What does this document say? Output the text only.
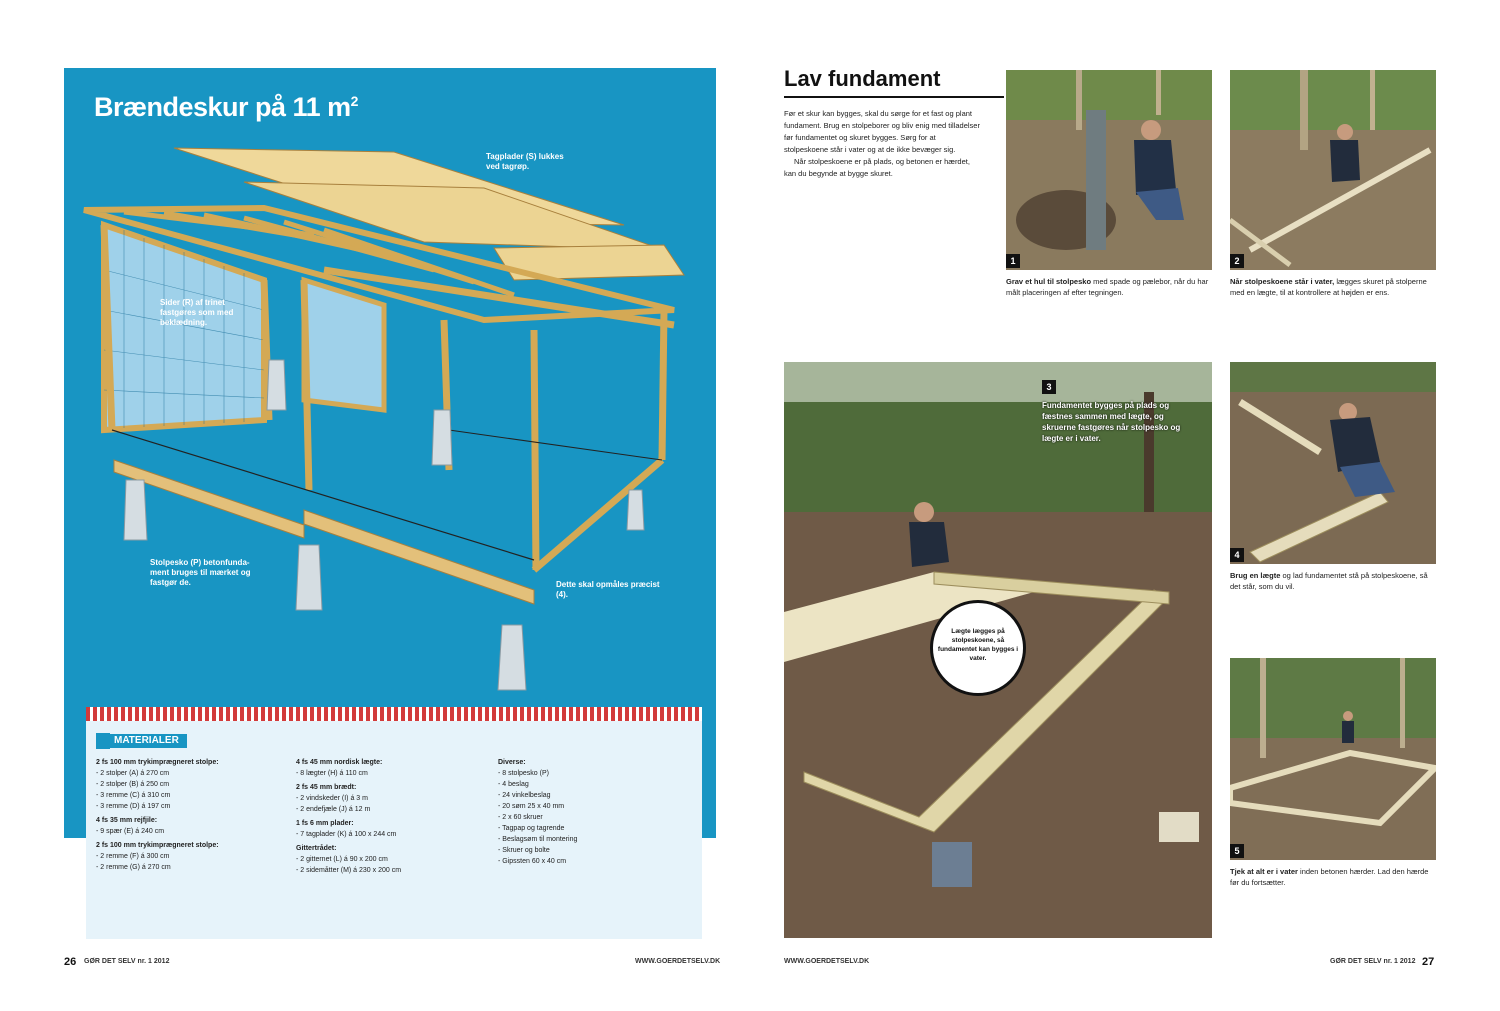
Brændeskur på 11 $m^2$
Tagplader (S) lukkes ved tagrøp.
Sider (R) af trinet fastgøres som med beklædning.
Stolpesko (P) betonfunda- ment bruges til mærket og fastgør de.	Dette skal opmåles præcist (4).
MATERIALER
2 fs 100 mm trykimprægneret stolpe:
- 2 stolper (A) á 270 cm
- 2 stolper (B) á 250 cm
- 3 remme (C) á 310 cm
- 3 remme (D) á 197 cm
4 fs 35 mm rejfjile:
- 9 spær (E) á 240 cm
2 fs 100 mm trykimprægneret stolpe:
- 2 remme (F) á 300 cm
- 2 remme (G) á 270 cm
4 fs 45 mm nordisk lægte:
- 8 lægter (H) á 110 cm
2 fs 45 mm brædt:
- 2 vindskeder (I) á 3 m
- 2 endefjæle (J) á 12 m
1 fs 6 mm plader:
- 7 tagplader (K) á 100 x 244 cm
Gittertrådet:
- 2 gitternet (L) á 90 x 200 cm
- 2 sidemåtter (M) á 230 x 200 cm
Diverse:
- 8 stolpesko (P)
- 4 beslag
- 24 vinkelbeslag
- 20 søm 25 x 40 mm
- 2 x 60 skruer
- Tagpap og tagrende
- Beslagsøm til montering
- Skruer og bolte
- Gipssten 60 x 40 cm
26 GØR DET SELV nr. 1 2012	WWW.GOERDETSELV.DK
Lav fundament
Før et skur kan bygges, skal du sørge for et fast og plant fundament. Brug en stolpeborer og bliv enig med tilladelser før fundamentet og skuret bygges. Sørg for at stolpeskoene står i vater og at de ikke bevæger sig.
Når stolpeskoene er på plads, og betonen er hærdet, kan du begynde at bygge skuret.
1
Grav et hul til stolpesko med spade og pælebor, når du har målt placeringen af efter tegningen.
2
Når stolpeskoene står i vater, lægges skuret på stolperne med en lægte, til at kontrollere at højden er ens.
3
Fundamentet bygges på plads og fæstnes sammen med lægte, og skruerne fastgøres når stolpesko og lægte er i vater.
Lægte lægges på stolpeskoene, så fundamentet kan bygges i vater.
4
Brug en lægte og lad fundamentet stå på stolpeskoene, så det står, som du vil.
5
Tjek at alt er i vater inden betonen hærder. Lad den hærde før du fortsætter.
WWW.GOERDETSELV.DK	GØR DET SELV nr. 1 2012 27
